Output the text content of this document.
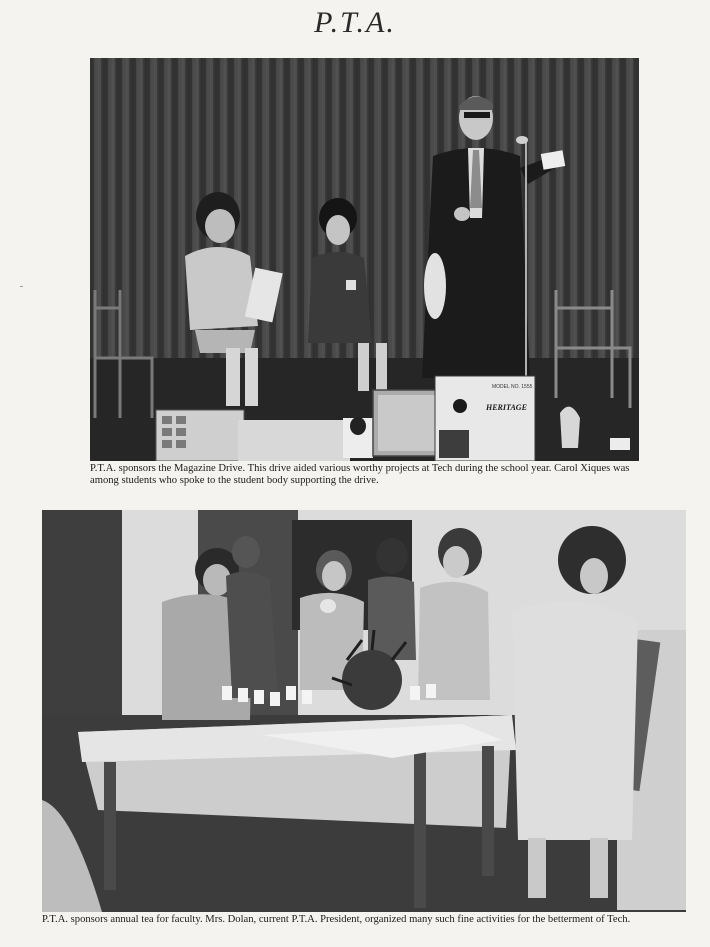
P.T.A.
MODEL NO. 1555
HERITAGE
P.T.A. sponsors the Magazine Drive. This drive aided various worthy projects at Tech during the school year. Carol Xiques was among students who spoke to the student body supporting the drive.
P.T.A. sponsors annual tea for faculty. Mrs. Dolan, current P.T.A. President, organized many such fine activities for the betterment of Tech.
